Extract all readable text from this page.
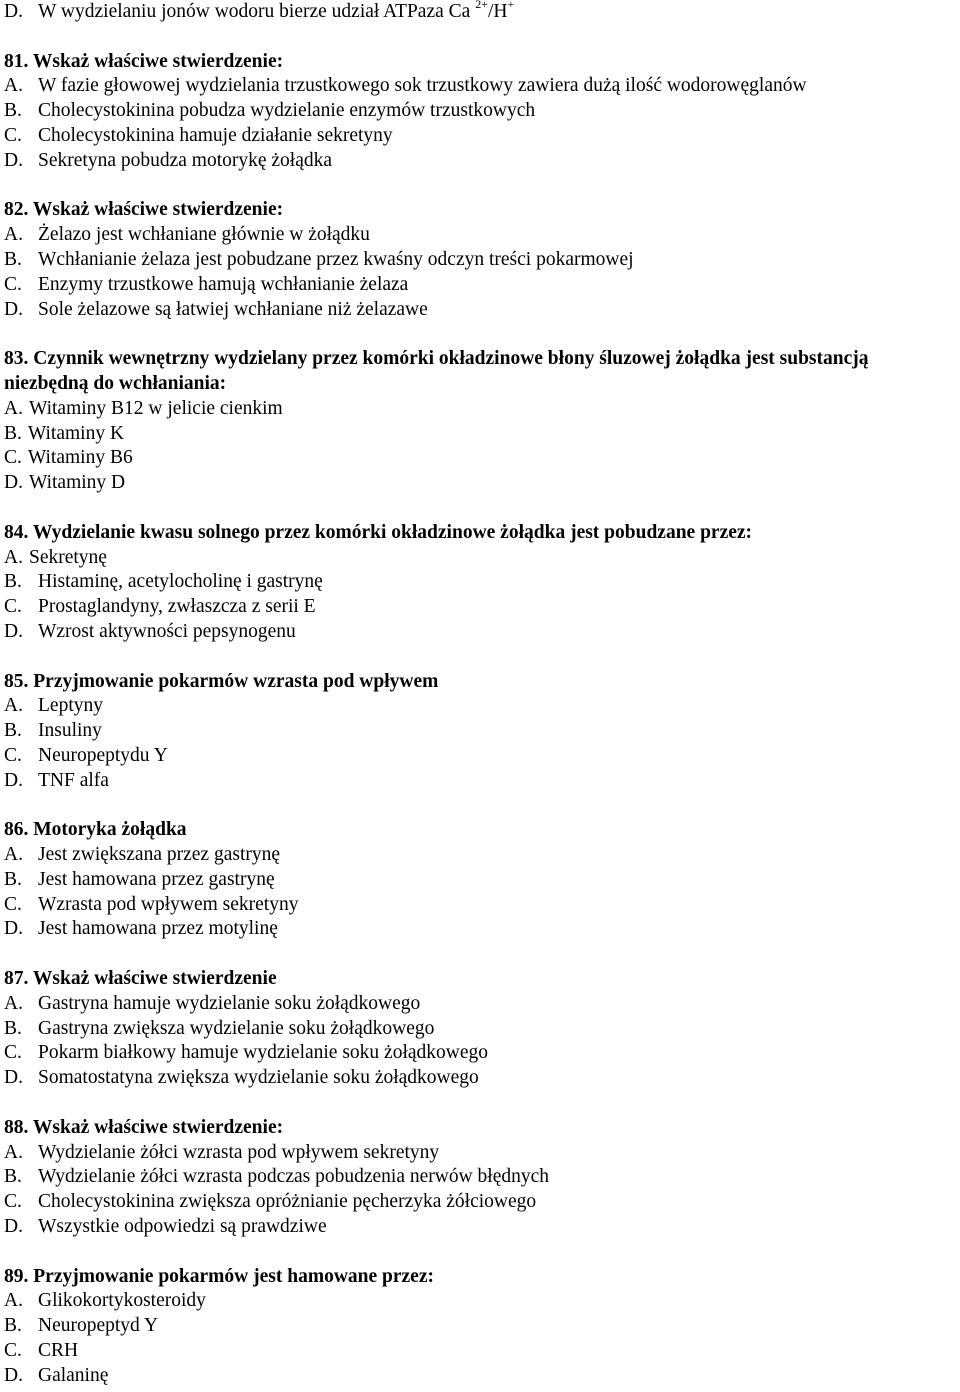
D. W wydzielaniu jonów wodoru bierze udział ATPaza Ca $^{2+}$/H+
81. Wskaż właściwe stwierdzenie:
A. W fazie głowowej wydzielania trzustkowego sok trzustkowy zawiera dużą ilość wodorowęglanów
B. Cholecystokinina pobudza wydzielanie enzymów trzustkowych
C. Cholecystokinina hamuje działanie sekretyny
D. Sekretyna pobudza motorykę żołądka
82. Wskaż właściwe stwierdzenie:
A. Żelazo jest wchłaniane głównie w żołądku
B. Wchłanianie żelaza jest pobudzane przez kwaśny odczyn treści pokarmowej
C. Enzymy trzustkowe hamują wchłanianie żelaza
D. Sole żelazowe są łatwiej wchłaniane niż żelazawe
83. Czynnik wewnętrzny wydzielany przez komórki okładzinowe błony śluzowej żołądka jest substancją niezbędną do wchłaniania:
A. Witaminy B12 w jelicie cienkim
B. Witaminy K
C. Witaminy B6
D. Witaminy D
84. Wydzielanie kwasu solnego przez komórki okładzinowe żołądka jest pobudzane przez:
A. Sekretynę
B. Histaminę, acetylocholinę i gastrynę
C. Prostaglandyny, zwłaszcza z serii E
D. Wzrost aktywności pepsynogenu
85. Przyjmowanie pokarmów wzrasta pod wpływem
A. Leptyny
B. Insuliny
C. Neuropeptydu Y
D. TNF alfa
86. Motoryka żołądka
A. Jest zwiększana przez gastrynę
B. Jest hamowana przez gastrynę
C. Wzrasta pod wpływem sekretyny
D. Jest hamowana przez motylinę
87. Wskaż właściwe stwierdzenie
A. Gastryna hamuje wydzielanie soku żołądkowego
B. Gastryna zwiększa wydzielanie soku żołądkowego
C. Pokarm białkowy hamuje wydzielanie soku żołądkowego
D. Somatostatyna zwiększa wydzielanie soku żołądkowego
88. Wskaż właściwe stwierdzenie:
A. Wydzielanie żółci wzrasta pod wpływem sekretyny
B. Wydzielanie żółci wzrasta podczas pobudzenia nerwów błędnych
C. Cholecystokinina zwiększa opróżnianie pęcherzyka żółciowego
D. Wszystkie odpowiedzi są prawdziwe
89. Przyjmowanie pokarmów jest hamowane przez:
A. Glikokortykosteroidy
B. Neuropeptyd Y
C. CRH
D. Galaninę
